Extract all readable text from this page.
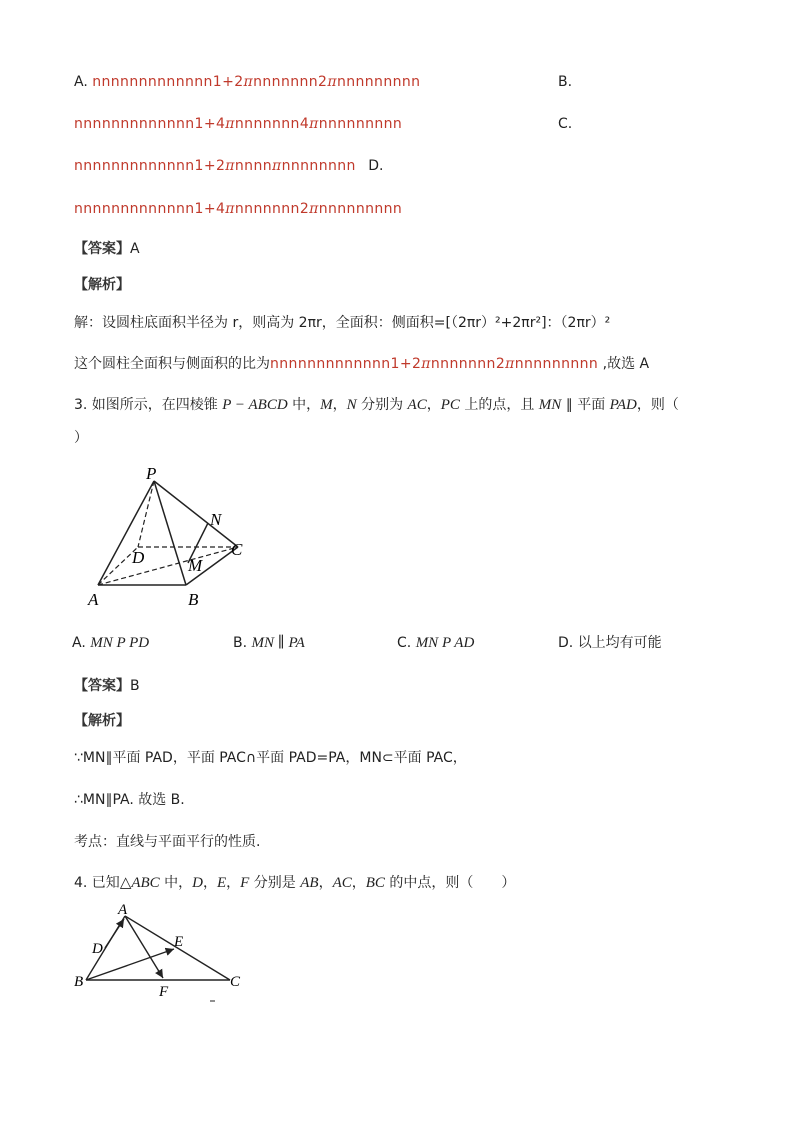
A. nnnnnnnnnnnnn1+2πnnnnnnn2πnnnnnnnnn	B.
nnnnnnnnnnnnn1+4πnnnnnnn4πnnnnnnnnn	C.
nnnnnnnnnnnnn1+2πnnnnπnnnnnnnn D.
nnnnnnnnnnnnn1+4πnnnnnnn2πnnnnnnnnn
【答案】A
【解析】
解：设圆柱底面积半径为 r，则高为 2πr，全面积：侧面积=[（2πr）²+2πr²]：（2πr）²
这个圆柱全面积与侧面积的比为nnnnnnnnnnnnn1+2πnnnnnnn2πnnnnnnnnn ,故选 A
3. 如图所示，在四棱锥 P − ABCD 中，M，N 分别为 AC，PC 上的点，且 MN ∥ 平面 PAD，则（
）
P
N
D	C
M
A	B
A. MN P PD	B. MN ∥ PA	C. MN P AD	D. 以上均有可能
【答案】B
【解析】
∵MN∥平面 PAD，平面 PAC∩平面 PAD=PA，MN⊂平面 PAC，
∴MN∥PA. 故选 B.
考点：直线与平面平行的性质.
4. 已知△ABC 中，D，E，F 分别是 AB，AC，BC 的中点，则（　　）
A
D	E
B
F
C
